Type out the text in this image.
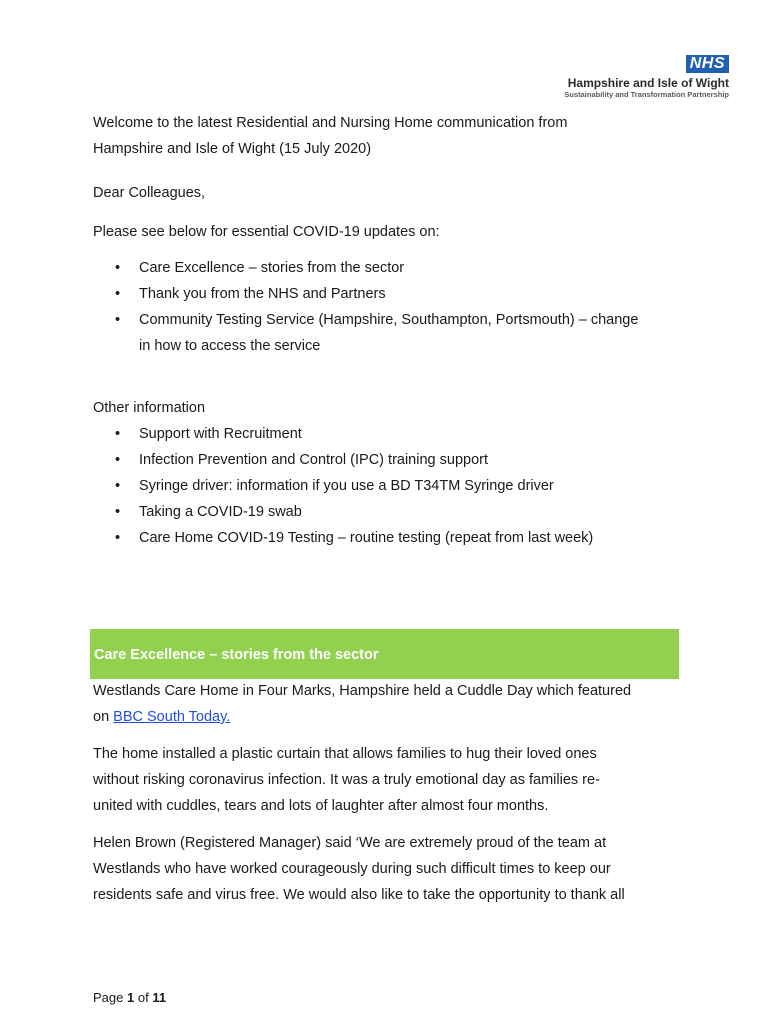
NHS
Hampshire and Isle of Wight
Sustainability and Transformation Partnership

Welcome to the latest Residential and Nursing Home communication from

Hampshire and Isle of Wight (15 July 2020)

Dear Colleagues,

Please see below for essential COVID-19 updates on:

• Care Excellence – stories from the sector
• Thank you from the NHS and Partners
• Community Testing Service (Hampshire, Southampton, Portsmouth) – change
in how to access the service

Other information

• Support with Recruitment
• Infection Prevention and Control (IPC) training support
• Syringe driver: information if you use a BD T34TM Syringe driver
• Taking a COVID-19 swab
• Care Home COVID-19 Testing – routine testing (repeat from last week)
Care Excellence – stories from the sector

Westlands Care Home in Four Marks, Hampshire held a Cuddle Day which featured
on BBC South Today.

The home installed a plastic curtain that allows families to hug their loved ones
without risking coronavirus infection. It was a truly emotional day as families re-
united with cuddles, tears and lots of laughter after almost four months.

Helen Brown (Registered Manager) said ‘We are extremely proud of the team at
Westlands who have worked courageously during such difficult times to keep our
residents safe and virus free. We would also like to take the opportunity to thank all

Page 1 of 11
